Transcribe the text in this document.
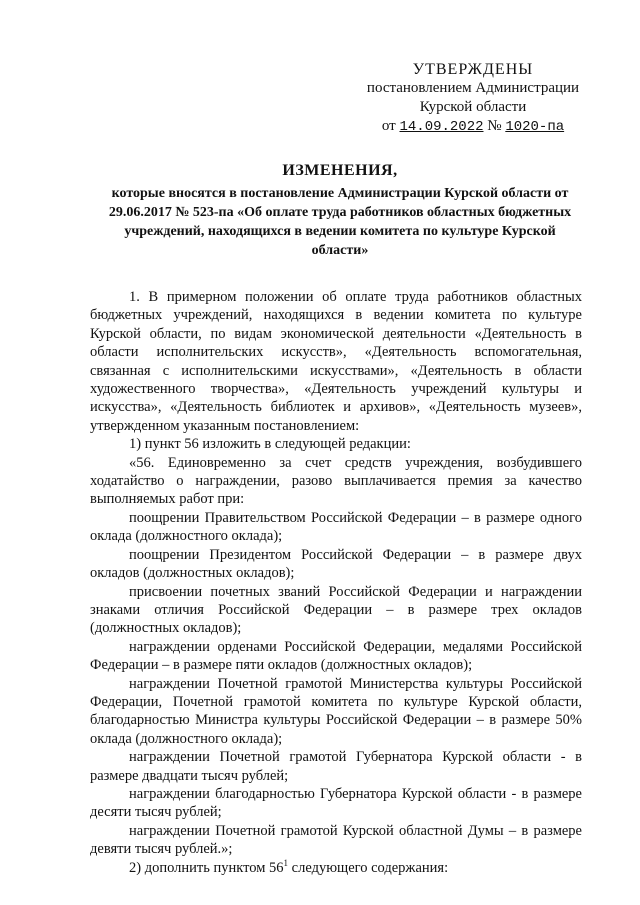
УТВЕРЖДЕНЫ
постановлением Администрации
Курской области
от 14.09.2022 № 1020-па
ИЗМЕНЕНИЯ,
которые вносятся в постановление Администрации Курской области от 29.06.2017 № 523-па «Об оплате труда работников областных бюджетных учреждений, находящихся в ведении комитета по культуре Курской области»

1. В примерном положении об оплате труда работников областных бюджетных учреждений, находящихся в ведении комитета по культуре Курской области, по видам экономической деятельности «Деятельность в области исполнительских искусств», «Деятельность вспомогательная, связанная с исполнительскими искусствами», «Деятельность в области художественного творчества», «Деятельность учреждений культуры и искусства», «Деятельность библиотек и архивов», «Деятельность музеев», утвержденном указанным постановлением:

1) пункт 56 изложить в следующей редакции:

«56. Единовременно за счет средств учреждения, возбудившего ходатайство о награждении, разово выплачивается премия за качество выполняемых работ при:

поощрении Правительством Российской Федерации – в размере одного оклада (должностного оклада);

поощрении Президентом Российской Федерации – в размере двух окладов (должностных окладов);

присвоении почетных званий Российской Федерации и награждении знаками отличия Российской Федерации – в размере трех окладов (должностных окладов);

награждении орденами Российской Федерации, медалями Российской Федерации – в размере пяти окладов (должностных окладов);

награждении Почетной грамотой Министерства культуры Российской Федерации, Почетной грамотой комитета по культуре Курской области, благодарностью Министра культуры Российской Федерации – в размере 50% оклада (должностного оклада);

награждении Почетной грамотой Губернатора Курской области - в размере двадцати тысяч рублей;

награждении благодарностью Губернатора Курской области - в размере десяти тысяч рублей;

награждении Почетной грамотой Курской областной Думы – в размере девяти тысяч рублей.»;

2) дополнить пунктом $56^1$ следующего содержания:
